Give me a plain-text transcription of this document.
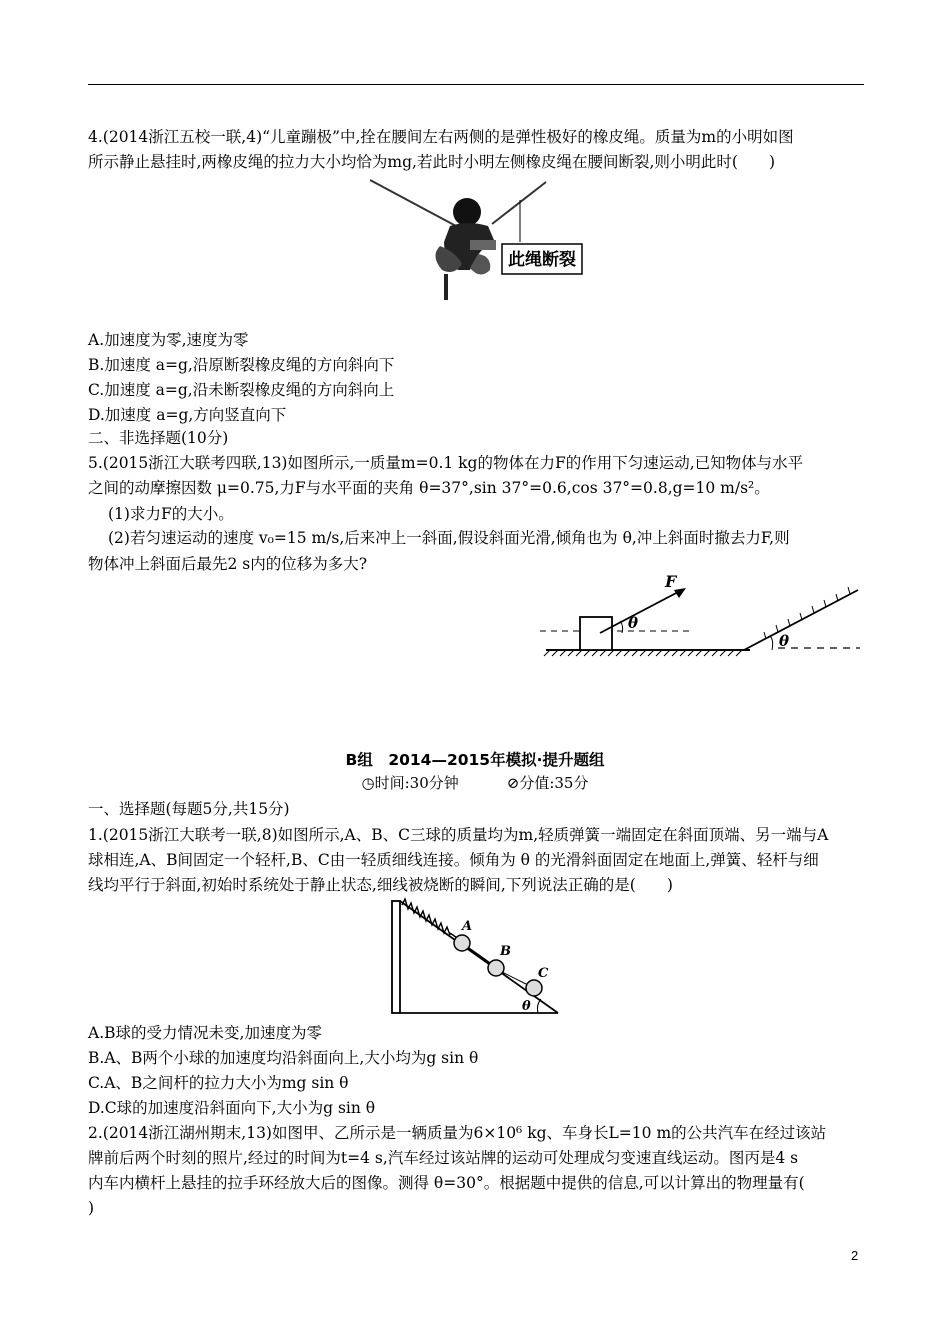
4.(2014浙江五校一联,4)“儿童蹦极”中,拴在腰间左右两侧的是弹性极好的橡皮绳。质量为m的小明如图
所示静止悬挂时,两橡皮绳的拉力大小均恰为mg,若此时小明左侧橡皮绳在腰间断裂,则小明此时(　　)
此绳断裂
A.加速度为零,速度为零
B.加速度 a=g,沿原断裂橡皮绳的方向斜向下
C.加速度 a=g,沿未断裂橡皮绳的方向斜向上
D.加速度 a=g,方向竖直向下
二、非选择题(10分)
5.(2015浙江大联考四联,13)如图所示,一质量m=0.1 kg的物体在力F的作用下匀速运动,已知物体与水平
之间的动摩擦因数 μ=0.75,力F与水平面的夹角 θ=37°,sin 37°=0.6,cos 37°=0.8,g=10 m/s²。
(1)求力F的大小。
(2)若匀速运动的速度 v₀=15 m/s,后来冲上一斜面,假设斜面光滑,倾角也为 θ,冲上斜面时撤去力F,则
物体冲上斜面后最先2 s内的位移为多大?
F
θ
θ
B组　2014—2015年模拟·提升题组
◷时间:30分钟	⊘分值:35分
一、选择题(每题5分,共15分)
1.(2015浙江大联考一联,8)如图所示,A、B、C三球的质量均为m,轻质弹簧一端固定在斜面顶端、另一端与A
球相连,A、B间固定一个轻杆,B、C由一轻质细线连接。倾角为 θ 的光滑斜面固定在地面上,弹簧、轻杆与细
线均平行于斜面,初始时系统处于静止状态,细线被烧断的瞬间,下列说法正确的是(　　)
A
B
C
θ
A.B球的受力情况未变,加速度为零
B.A、B两个小球的加速度均沿斜面向上,大小均为g sin θ
C.A、B之间杆的拉力大小为mg sin θ
D.C球的加速度沿斜面向下,大小为g sin θ
2.(2014浙江湖州期末,13)如图甲、乙所示是一辆质量为6×10⁶ kg、车身长L=10 m的公共汽车在经过该站
牌前后两个时刻的照片,经过的时间为t=4 s,汽车经过该站牌的运动可处理成匀变速直线运动。图丙是4 s
内车内横杆上悬挂的拉手环经放大后的图像。测得 θ=30°。根据题中提供的信息,可以计算出的物理量有(
)
2
